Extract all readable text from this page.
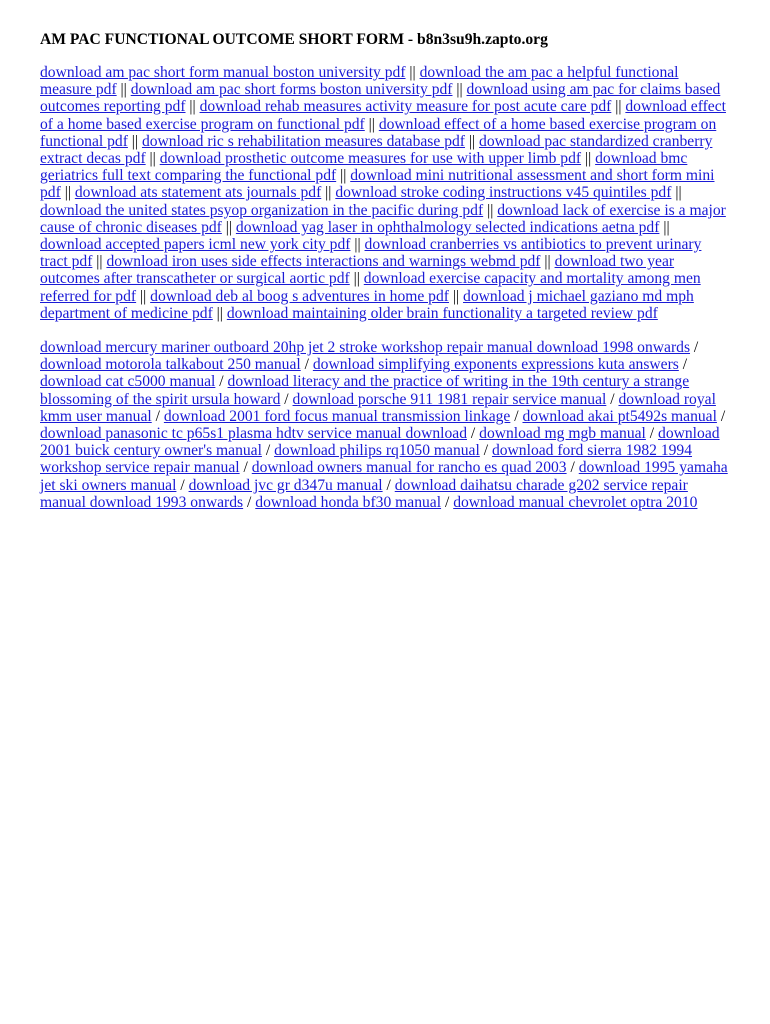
AM PAC FUNCTIONAL OUTCOME SHORT FORM - b8n3su9h.zapto.org
download am pac short form manual boston university pdf || download the am pac a helpful functional measure pdf || download am pac short forms boston university pdf || download using am pac for claims based outcomes reporting pdf || download rehab measures activity measure for post acute care pdf || download effect of a home based exercise program on functional pdf || download effect of a home based exercise program on functional pdf || download ric s rehabilitation measures database pdf || download pac standardized cranberry extract decas pdf || download prosthetic outcome measures for use with upper limb pdf || download bmc geriatrics full text comparing the functional pdf || download mini nutritional assessment and short form mini pdf || download ats statement ats journals pdf || download stroke coding instructions v45 quintiles pdf || download the united states psyop organization in the pacific during pdf || download lack of exercise is a major cause of chronic diseases pdf || download yag laser in ophthalmology selected indications aetna pdf || download accepted papers icml new york city pdf || download cranberries vs antibiotics to prevent urinary tract pdf || download iron uses side effects interactions and warnings webmd pdf || download two year outcomes after transcatheter or surgical aortic pdf || download exercise capacity and mortality among men referred for pdf || download deb al boog s adventures in home pdf || download j michael gaziano md mph department of medicine pdf || download maintaining older brain functionality a targeted review pdf
download mercury mariner outboard 20hp jet 2 stroke workshop repair manual download 1998 onwards / download motorola talkabout 250 manual / download simplifying exponents expressions kuta answers / download cat c5000 manual / download literacy and the practice of writing in the 19th century a strange blossoming of the spirit ursula howard / download porsche 911 1981 repair service manual / download royal kmm user manual / download 2001 ford focus manual transmission linkage / download akai pt5492s manual / download panasonic tc p65s1 plasma hdtv service manual download / download mg mgb manual / download 2001 buick century owner's manual / download philips rq1050 manual / download ford sierra 1982 1994 workshop service repair manual / download owners manual for rancho es quad 2003 / download 1995 yamaha jet ski owners manual / download jvc gr d347u manual / download daihatsu charade g202 service repair manual download 1993 onwards / download honda bf30 manual / download manual chevrolet optra 2010
